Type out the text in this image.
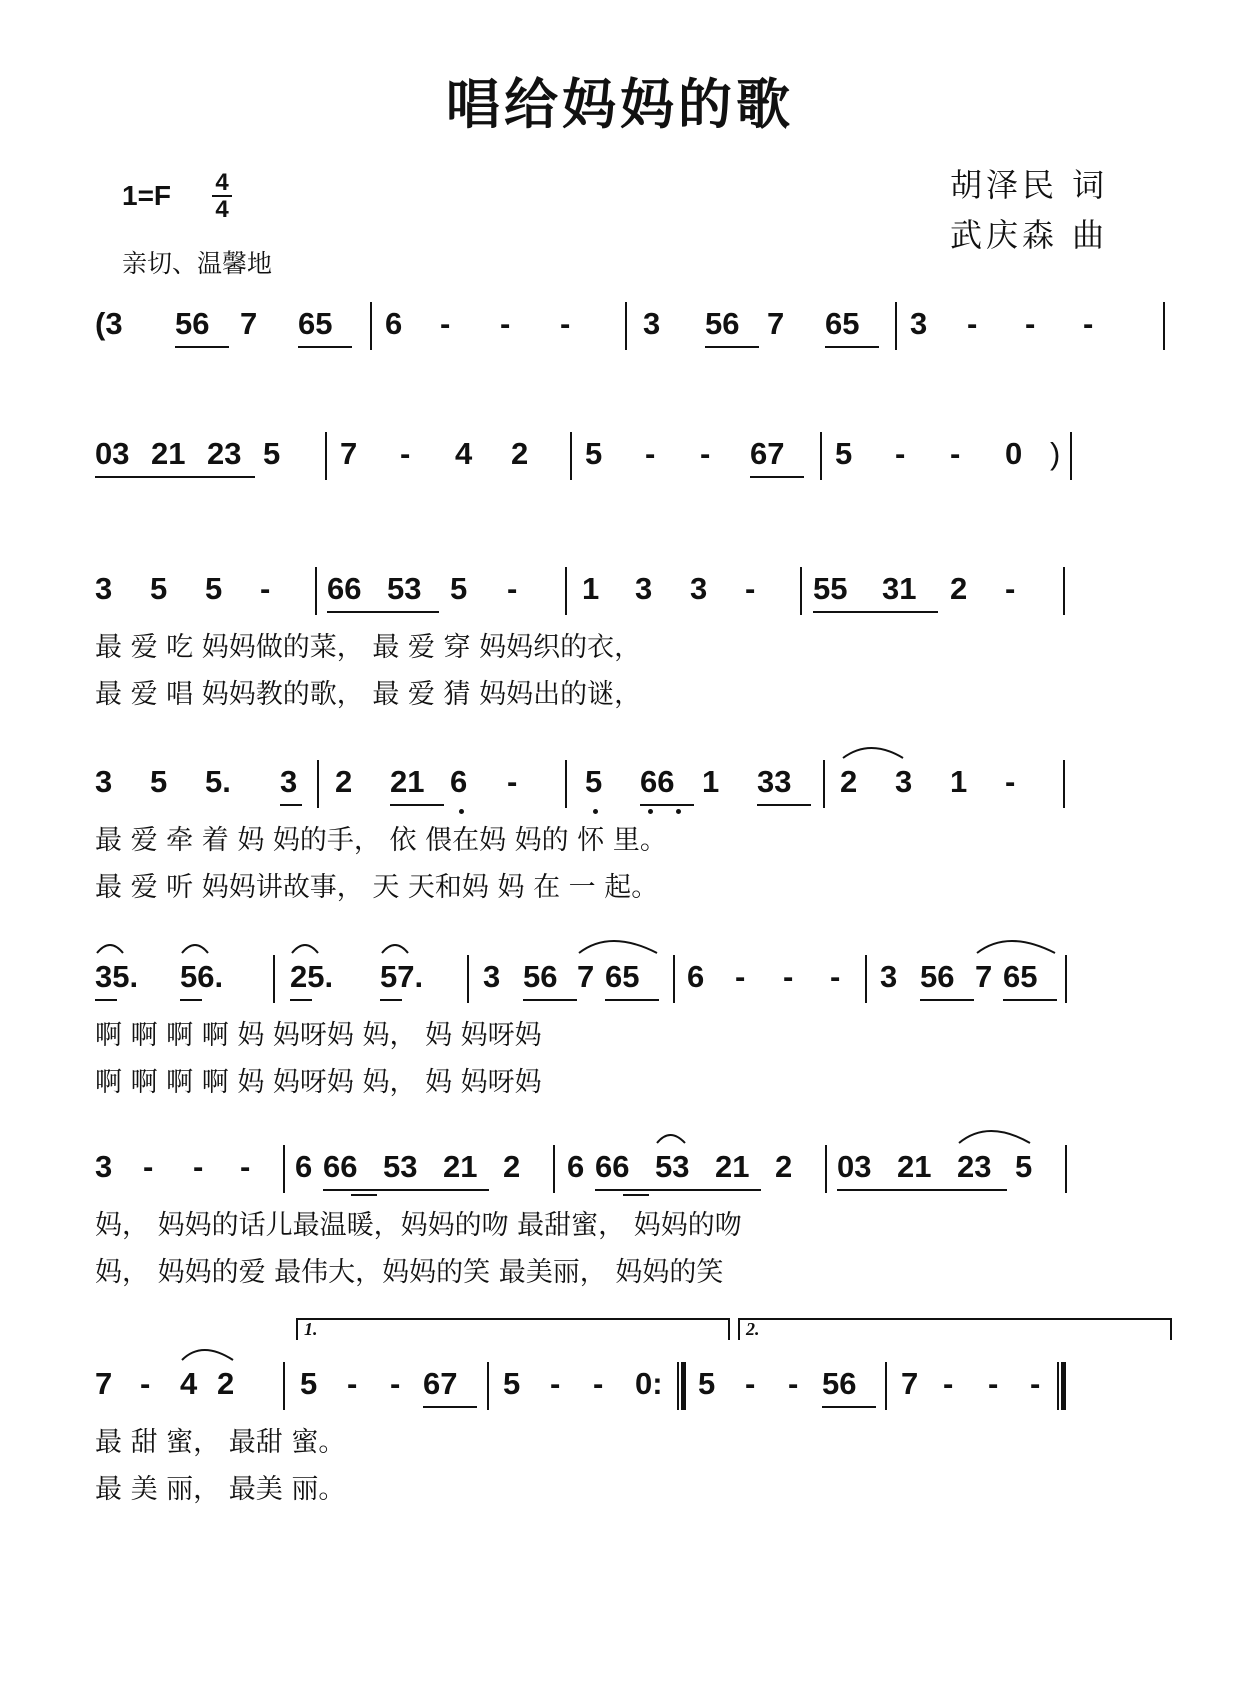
唱给妈妈的歌
1=F 4
4
亲切、温馨地
胡泽民 词
武庆森 曲
(3 56 7 65 6 - - - 3 56 7 65 3 - - -
03 21 23 5 7 - 4 2 5 - - 67 5 - - 0 )
3 5 5 - 66 53 5 - 1 3 3 - 55 31 2 -
最 爱 吃 妈妈做的菜， 最 爱 穿 妈妈织的衣，
最 爱 唱 妈妈教的歌， 最 爱 猜 妈妈出的谜，
3 5 5. 3 2 21 6 - 5 66 1 33 2 3 1 -
最 爱 牵 着 妈 妈的手， 依 偎在妈 妈的 怀 里。
最 爱 听 妈妈讲故事， 天 天和妈 妈 在 一 起。
35. 56. 25. 57. 3 56 7 65 6 - - - 3 56 7 65
啊 啊 啊 啊 妈 妈呀妈 妈， 妈 妈呀妈
啊 啊 啊 啊 妈 妈呀妈 妈， 妈 妈呀妈
3 - - - 6 66 53 21 2 6 66 53 21 2 03 21 23 5
妈， 妈妈的话儿最温暖，妈妈的吻 最甜蜜， 妈妈的吻
妈， 妈妈的爱 最伟大，妈妈的笑 最美丽， 妈妈的笑
1.	2.
7 - 4 2 5 - - 67 5 - - 0: 5 - - 56 7 - - -
最 甜 蜜， 最甜 蜜。
最 美 丽， 最美 丽。
